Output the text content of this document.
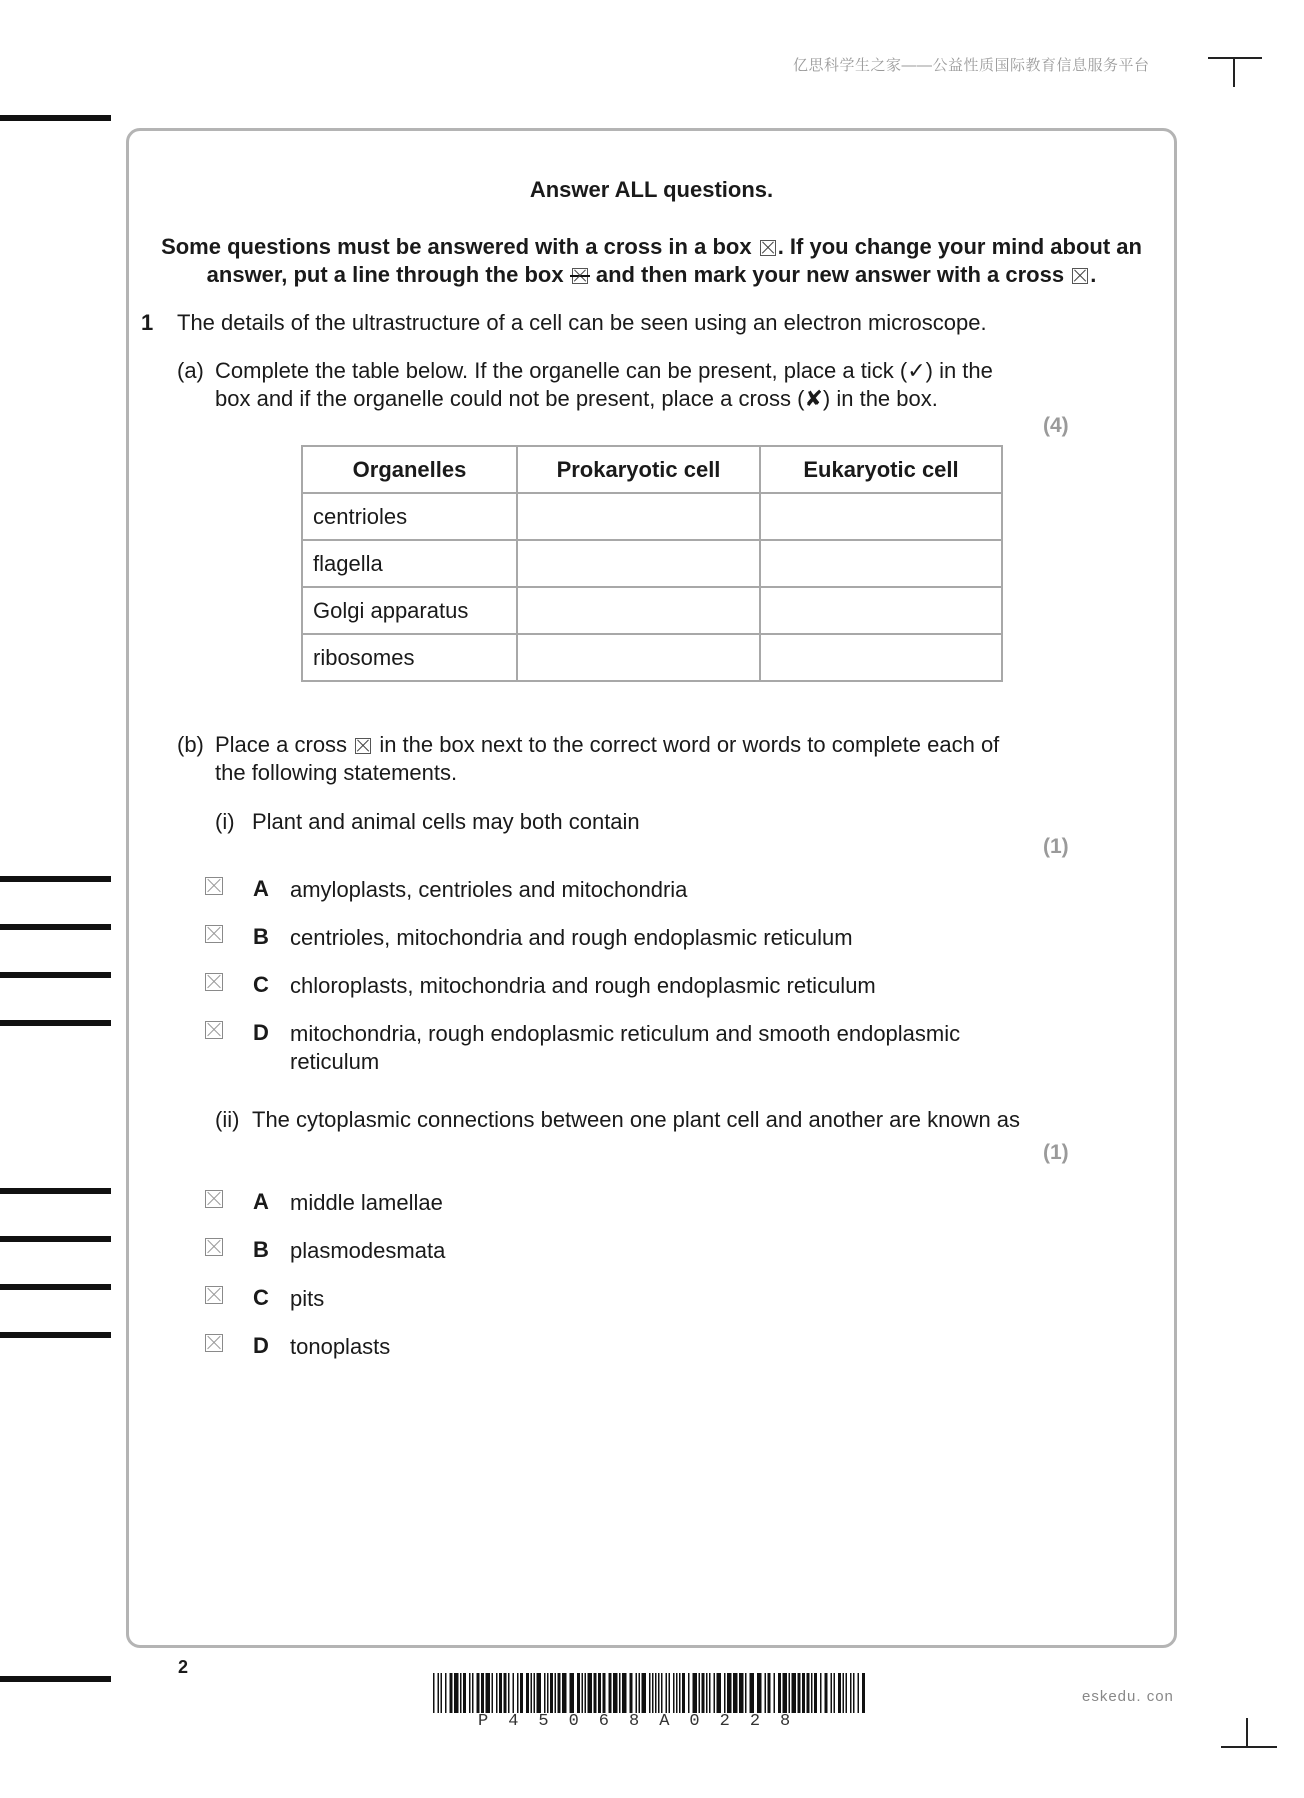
亿思科学生之家——公益性质国际教育信息服务平台
Answer ALL questions.
Some questions must be answered with a cross in a box ☒ . If you change your mind about an
answer, put a line through the box and then mark your new answer with a cross ☒ .
1 The details of the ultrastructure of a cell can be seen using an electron microscope.
(a) Complete the table below. If the organelle can be present, place a tick (✓) in the
box and if the organelle could not be present, place a cross (✘) in the box.
(4)
Organelles	Prokaryotic cell	Eukaryotic cell
centrioles		
flagella		
Golgi apparatus		
ribosomes		
(b) Place a cross ☒ in the box next to the correct word or words to complete each of
the following statements.
(i) Plant and animal cells may both contain
(1)
A amyloplasts, centrioles and mitochondria
B centrioles, mitochondria and rough endoplasmic reticulum
C chloroplasts, mitochondria and rough endoplasmic reticulum
D mitochondria, rough endoplasmic reticulum and smooth endoplasmic
reticulum
(ii) The cytoplasmic connections between one plant cell and another are known as
(1)
A middle lamellae
B plasmodesmata
C pits
D tonoplasts
2
P45068A0228
eskedu. con
